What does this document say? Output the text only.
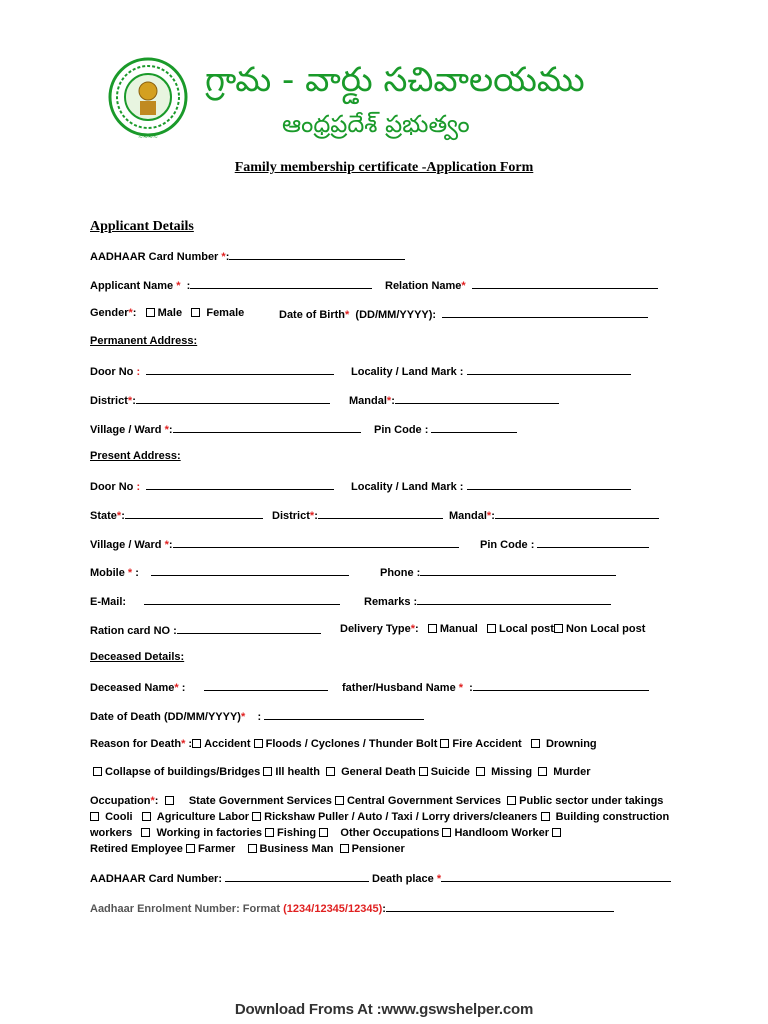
~~~~
గ్రామ - వార్డు సచివాలయము
ఆంధ్రప్రదేశ్ ప్రభుత్వం
Family membership certificate -Application Form
Applicant Details
AADHAAR Card Number *:
Applicant Name *  :	Relation Name*
Gender*:   Male Female	Date of Birth* (DD/MM/YYYY):
Permanent Address:
Door No :	Locality / Land Mark :
District*:	Mandal*:
Village / Ward *:	Pin Code :
Present Address:
Door No :	Locality / Land Mark :
State*:	District*:	Mandal*:
Village / Ward *:	Pin Code :
Mobile * :	Phone :
E-Mail:	Remarks :
Ration card NO :	Delivery Type*:   Manual Local post Non Local post
Deceased Details:
Deceased Name* :	father/Husband Name *  :
Date of Death (DD/MM/YYYY)*    :
Reason for Death* : Accident Floods / Cyclones / Thunder Bolt Fire Accident Drowning
Collapse of buildings/Bridges Ill health General Death Suicide Missing Murder
Occupation*:      State Government Services Central Government Services Public sector under takings
Cooli Agriculture Labor Rickshaw Puller / Auto / Taxi / Lorry drivers/cleaners Building construction workers Working in factories Fishing Other Occupations Handloom Worker
Retired Employee Farmer Business Man Pensioner
AADHAAR Card Number:	Death place *
Aadhaar Enrolment Number: Format (1234/12345/12345):
Download Froms At :www.gswshelper.com
